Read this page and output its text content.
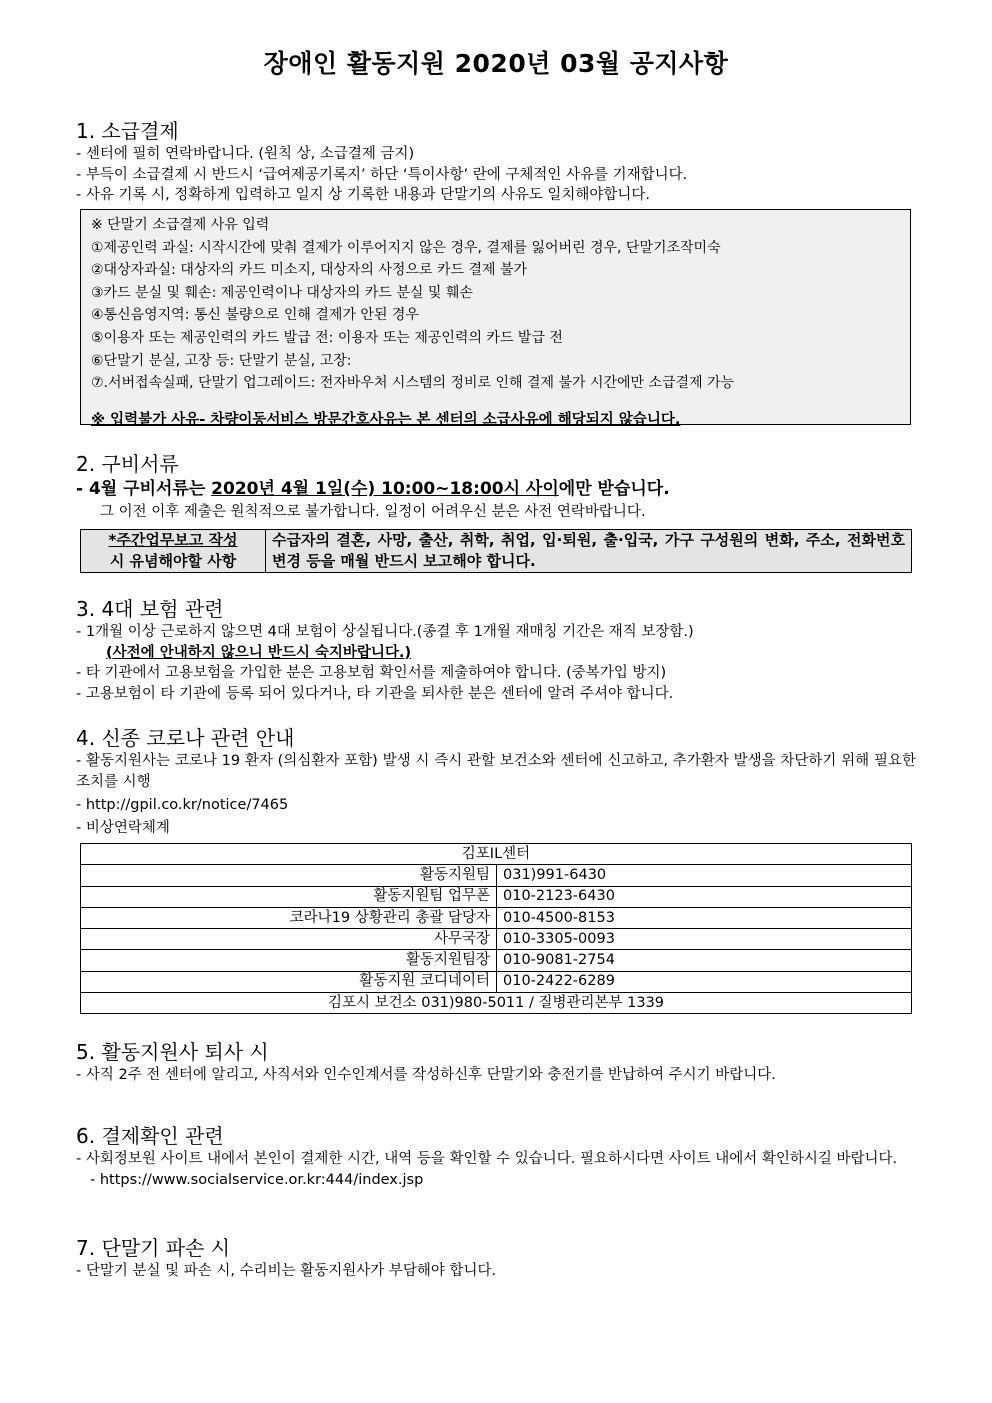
장애인 활동지원 2020년 03월 공지사항

1. 소급결제

- 센터에 필히 연락바랍니다. (원칙 상, 소급결제 금지)

- 부득이 소급결제 시 반드시 ‘급여제공기록지’ 하단 ‘특이사항’ 란에 구체적인 사유를 기재합니다.

- 사유 기록 시, 정확하게 입력하고 일지 상 기록한 내용과 단말기의 사유도 일치해야합니다.

※ 단말기 소급결제 사유 입력

①제공인력 과실: 시작시간에 맞춰 결제가 이루어지지 않은 경우, 결제를 잃어버린 경우, 단말기조작미숙

②대상자과실: 대상자의 카드 미소지, 대상자의 사정으로 카드 결제 불가

③카드 분실 및 훼손: 제공인력이나 대상자의 카드 분실 및 훼손

④통신음영지역: 통신 불량으로 인해 결제가 안된 경우

⑤이용자 또는 제공인력의 카드 발급 전: 이용자 또는 제공인력의 카드 발급 전

⑥단말기 분실, 고장 등: 단말기 분실, 고장:

⑦.서버접속실패, 단말기 업그레이드: 전자바우처 시스템의 정비로 인해 결제 불가 시간에만 소급결제 가능

※ 입력불가 사유- 차량이동서비스 방문간호사유는 본 센터의 소급사유에 해당되지 않습니다.

2. 구비서류

- 4월 구비서류는 2020년 4월 1일(수) 10:00~18:00시 사이에만 받습니다.

그 이전 이후 제출은 원칙적으로 불가합니다. 일정이 어려우신 분은 사전 연락바랍니다.

*주간업무보고 작성
시 유념해야할 사항
	수급자의 결혼, 사망, 출산, 취학, 취업, 입·퇴원, 출·입국, 가구 구성원의 변화, 주소, 전화번호 변경 등을 매월 반드시 보고해야 합니다.

3. 4대 보험 관련

- 1개월 이상 근로하지 않으면 4대 보험이 상실됩니다.(종결 후 1개월 재매칭 기간은 재직 보장함.)

(사전에 안내하지 않으니 반드시 숙지바랍니다.)

- 타 기관에서 고용보험을 가입한 분은 고용보험 확인서를 제출하여야 합니다. (중복가입 방지)

- 고용보험이 타 기관에 등록 되어 있다거나, 타 기관을 퇴사한 분은 센터에 알려 주셔야 합니다.

4. 신종 코로나 관련 안내

- 활동지원사는 코로나 19 환자 (의심환자 포함) 발생 시 즉시 관할 보건소와 센터에 신고하고, 추가환자 발생을 차단하기 위해 필요한 조치를 시행

- http://gpil.co.kr/notice/7465

- 비상연락체계

김포IL센터	
활동지원팀	031)991-6430
활동지원팀 업무폰	010-2123-6430
코라나19 상황관리 총괄 담당자	010-4500-8153
사무국장	010-3305-0093
활동지원팀장	010-9081-2754
활동지원 코디네이터	010-2422-6289
김포시 보건소 031)980-5011 / 질병관리본부 1339	

5. 활동지원사 퇴사 시

- 사직 2주 전 센터에 알리고, 사직서와 인수인계서를 작성하신후 단말기와 충전기를 반납하여 주시기 바랍니다.

6. 결제확인 관련

- 사회정보원 사이트 내에서 본인이 결제한 시간, 내역 등을 확인할 수 있습니다. 필요하시다면 사이트 내에서 확인하시길 바랍니다.

- https://www.socialservice.or.kr:444/index.jsp

7. 단말기 파손 시

- 단말기 분실 및 파손 시, 수리비는 활동지원사가 부담해야 합니다.
